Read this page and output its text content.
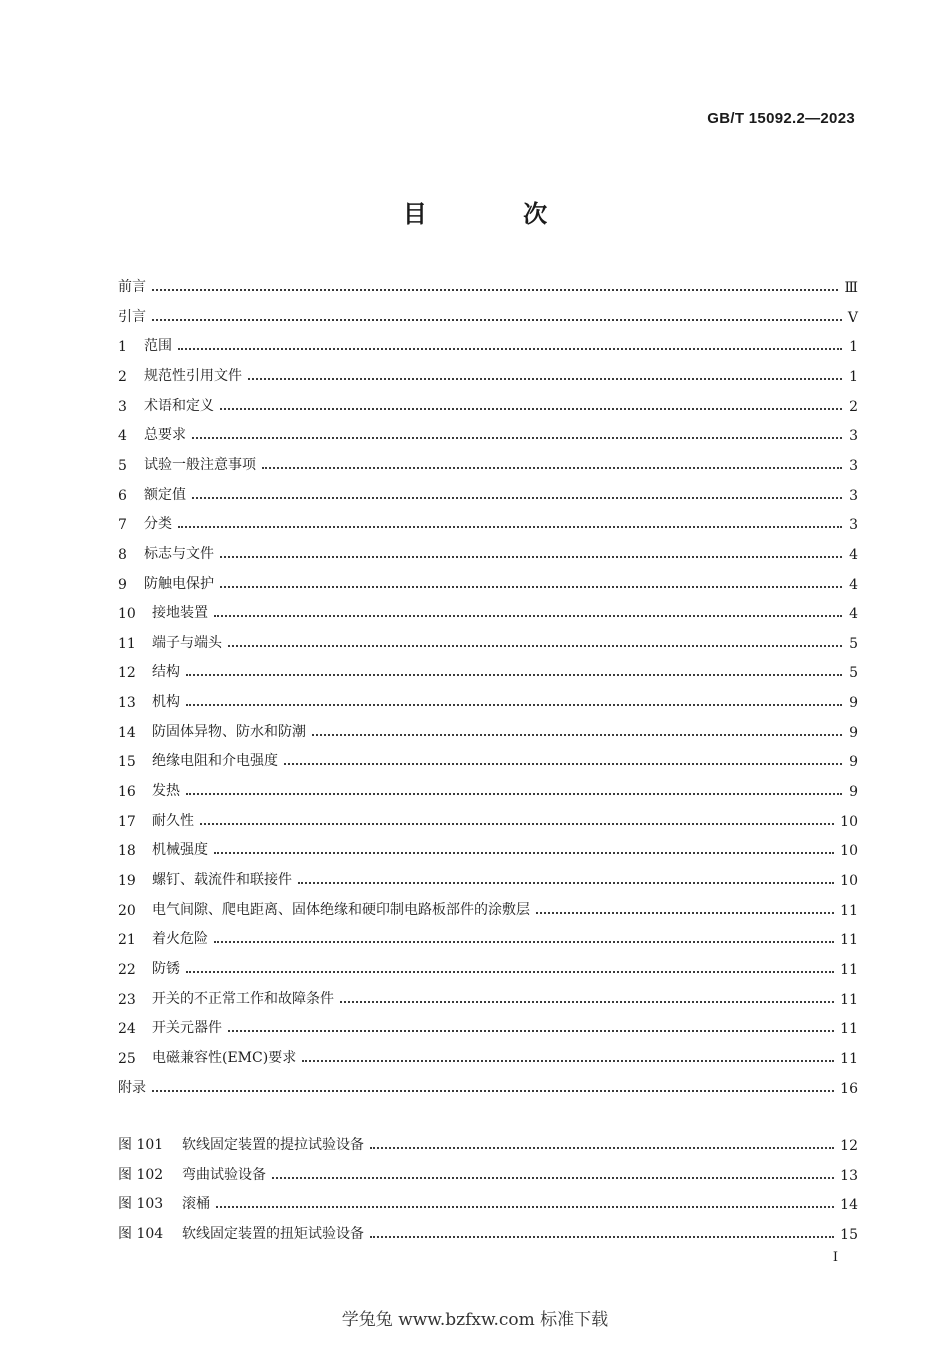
GB/T 15092.2—2023
目 次
前言	Ⅲ
引言	Ⅴ
1	范围	1
2	规范性引用文件	1
3	术语和定义	2
4	总要求	3
5	试验一般注意事项	3
6	额定值	3
7	分类	3
8	标志与文件	4
9	防触电保护	4
10	接地装置	4
11	端子与端头	5
12	结构	5
13	机构	9
14	防固体异物、防水和防潮	9
15	绝缘电阻和介电强度	9
16	发热	9
17	耐久性	10
18	机械强度	10
19	螺钉、载流件和联接件	10
20	电气间隙、爬电距离、固体绝缘和硬印制电路板部件的涂敷层	11
21	着火危险	11
22	防锈	11
23	开关的不正常工作和故障条件	11
24	开关元器件	11
25	电磁兼容性(EMC)要求	11
附录	16
图 101	软线固定装置的提拉试验设备	12
图 102	弯曲试验设备	13
图 103	滚桶	14
图 104	软线固定装置的扭矩试验设备	15
I
学兔兔 www.bzfxw.com 标准下载
